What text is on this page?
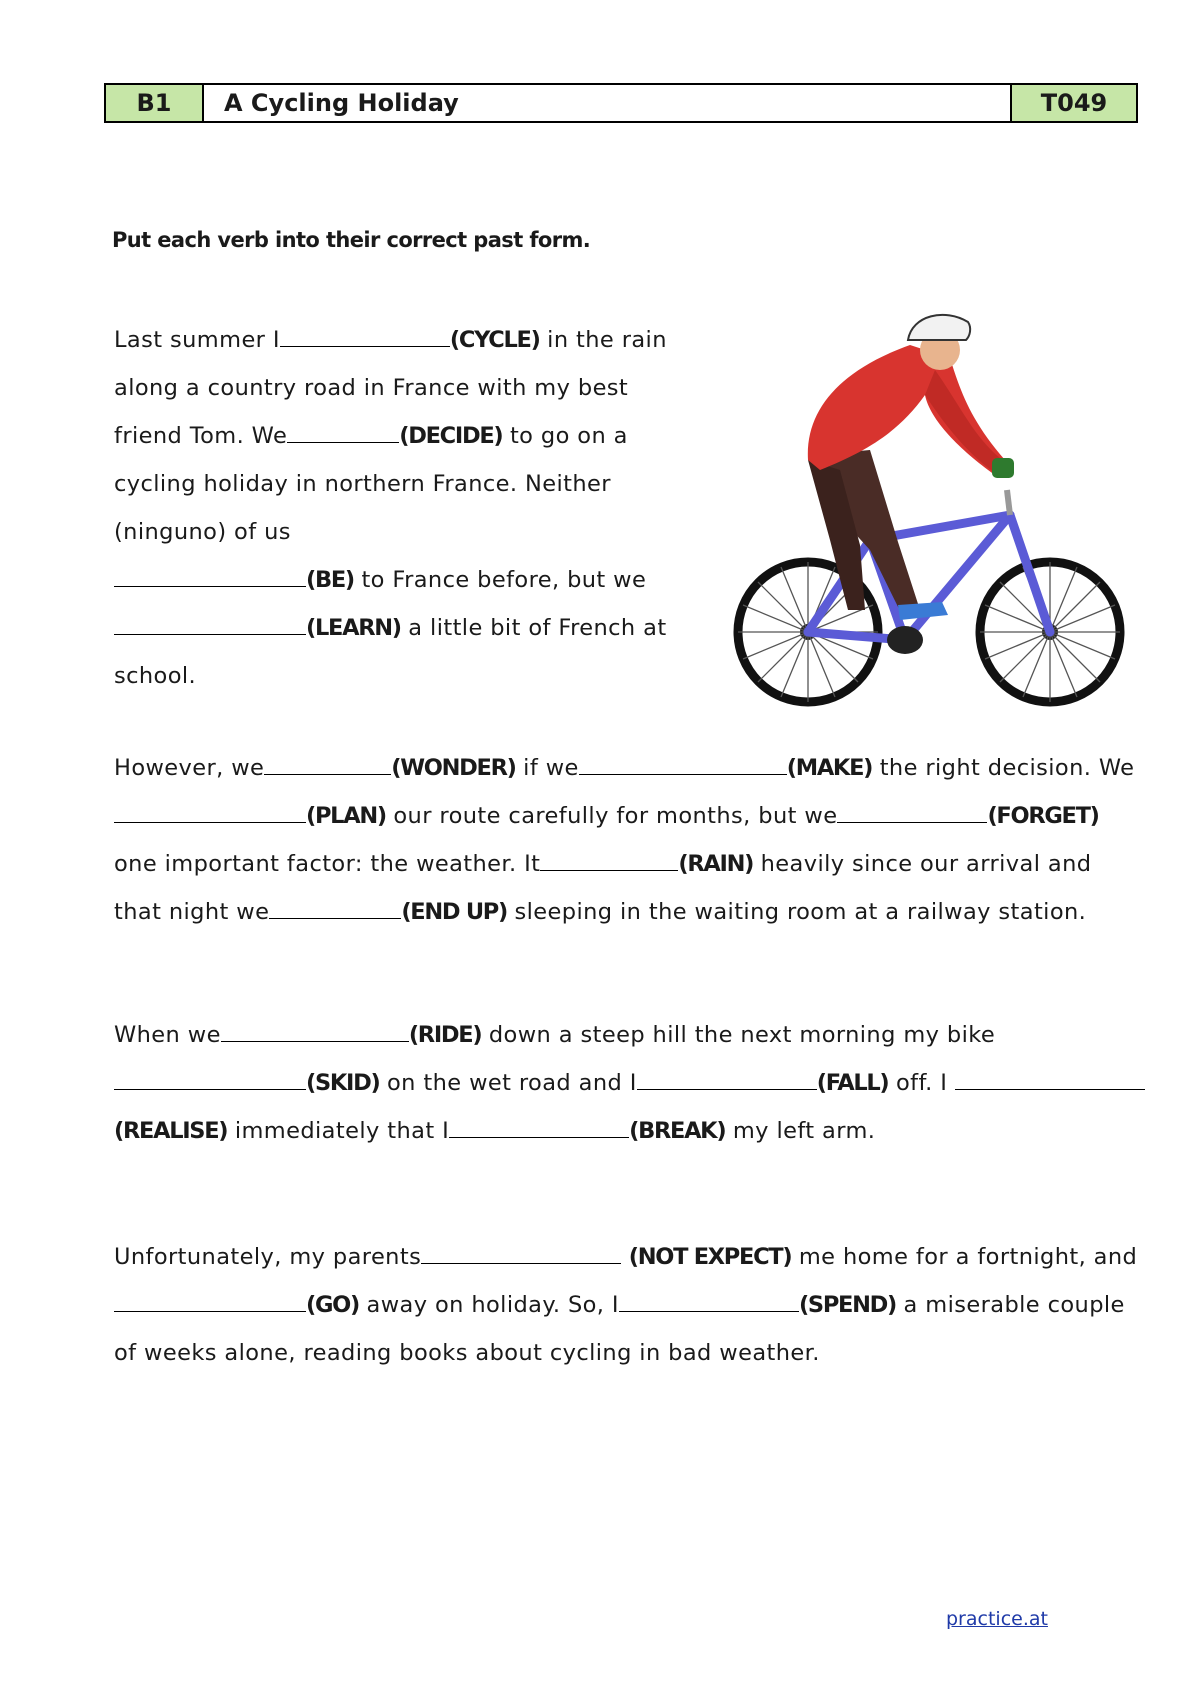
B1	A Cycling Holiday	T049
Put each verb into their correct past form.
Last summer I	(CYCLE) in the rain
along a country road in France with my best
friend Tom. We	(DECIDE) to go on a
cycling holiday in northern France. Neither
(ninguno) of us
(BE) to France before, but we
(LEARN) a little bit of French at
school.
However, we	(WONDER) if we	(MAKE) the right decision. We
(PLAN) our route carefully for months, but we	(FORGET)
one important factor: the weather. It	(RAIN) heavily since our arrival and
that night we	(END UP) sleeping in the waiting room at a railway station.
When we	(RIDE) down a steep hill the next morning my bike
(SKID) on the wet road and I	(FALL) off. I
(REALISE) immediately that I	(BREAK) my left arm.
Unfortunately, my parents	(NOT EXPECT) me home for a fortnight, and
(GO) away on holiday. So, I	(SPEND) a miserable couple
of weeks alone, reading books about cycling in bad weather.
practice.at
